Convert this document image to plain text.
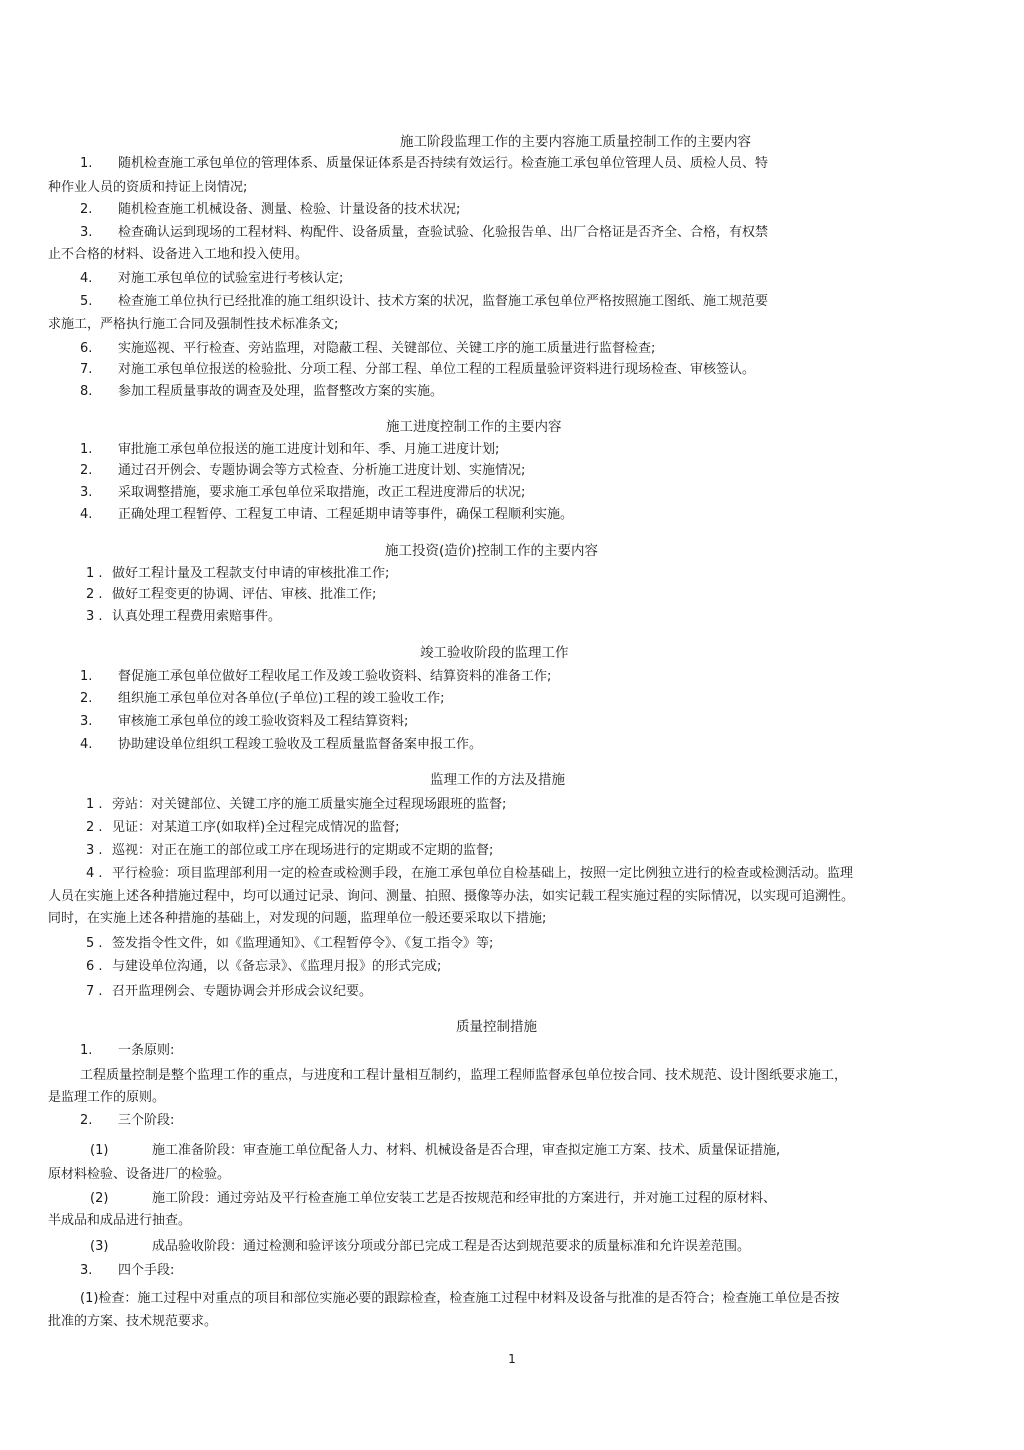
施工阶段监理工作的主要内容施工质量控制工作的主要内容
1. 随机检查施工承包单位的管理体系、质量保证体系是否持续有效运行。检查施工承包单位管理人员、质检人员、特
种作业人员的资质和持证上岗情况;
2. 随机检查施工机械设备、测量、检验、计量设备的技术状况;
3. 检查确认运到现场的工程材料、构配件、设备质量，查验试验、化验报告单、出厂合格证是否齐全、合格，有权禁
止不合格的材料、设备进入工地和投入使用。
4. 对施工承包单位的试验室进行考核认定;
5. 检查施工单位执行已经批准的施工组织设计、技术方案的状况，监督施工承包单位严格按照施工图纸、施工规范要
求施工，严格执行施工合同及强制性技术标准条文;
6. 实施巡视、平行检查、旁站监理，对隐蔽工程、关键部位、关键工序的施工质量进行监督检查;
7. 对施工承包单位报送的检验批、分项工程、分部工程、单位工程的工程质量验评资料进行现场检查、审核签认。
8. 参加工程质量事故的调查及处理，监督整改方案的实施。
施工进度控制工作的主要内容
1. 审批施工承包单位报送的施工进度计划和年、季、月施工进度计划;
2. 通过召开例会、专题协调会等方式检查、分析施工进度计划、实施情况;
3. 采取调整措施，要求施工承包单位采取措施，改正工程进度滞后的状况;
4. 正确处理工程暂停、工程复工申请、工程延期申请等事件，确保工程顺利实施。
施工投资(造价)控制工作的主要内容
1 . 做好工程计量及工程款支付申请的审核批准工作;
2 . 做好工程变更的协调、评估、审核、批准工作;
3 . 认真处理工程费用索赔事件。
竣工验收阶段的监理工作
1. 督促施工承包单位做好工程收尾工作及竣工验收资料、结算资料的准备工作;
2. 组织施工承包单位对各单位(子单位)工程的竣工验收工作;
3. 审核施工承包单位的竣工验收资料及工程结算资料;
4. 协助建设单位组织工程竣工验收及工程质量监督备案申报工作。
监理工作的方法及措施
1 . 旁站：对关键部位、关键工序的施工质量实施全过程现场跟班的监督;
2 . 见证：对某道工序(如取样)全过程完成情况的监督;
3 . 巡视：对正在施工的部位或工序在现场进行的定期或不定期的监督;
4 . 平行检验：项目监理部利用一定的检查或检测手段，在施工承包单位自检基础上，按照一定比例独立进行的检查或检测活动。监理
人员在实施上述各种措施过程中，均可以通过记录、询问、测量、拍照、摄像等办法，如实记载工程实施过程的实际情况，以实现可追溯性。
同时，在实施上述各种措施的基础上，对发现的问题，监理单位一般还要采取以下措施;
5 . 签发指令性文件，如《监理通知》、《工程暂停令》、《复工指令》等;
6 . 与建设单位沟通，以《备忘录》、《监理月报》的形式完成;
7 . 召开监理例会、专题协调会并形成会议纪要。
质量控制措施
1. 一条原则:
工程质量控制是整个监理工作的重点，与进度和工程计量相互制约，监理工程师监督承包单位按合同、技术规范、设计图纸要求施工，
是监理工作的原则。
2. 三个阶段:
(1)	施工准备阶段：审查施工单位配备人力、材料、机械设备是否合理，审查拟定施工方案、技术、质量保证措施,
原材料检验、设备进厂的检验。
(2)	施工阶段：通过旁站及平行检查施工单位安装工艺是否按规范和经审批的方案进行，并对施工过程的原材料、
半成品和成品进行抽查。
(3)	成品验收阶段：通过检测和验评该分项或分部已完成工程是否达到规范要求的质量标准和允许误差范围。
3. 四个手段:
(1)检查：施工过程中对重点的项目和部位实施必要的跟踪检查，检查施工过程中材料及设备与批准的是否符合；检查施工单位是否按
批准的方案、技术规范要求。
1
